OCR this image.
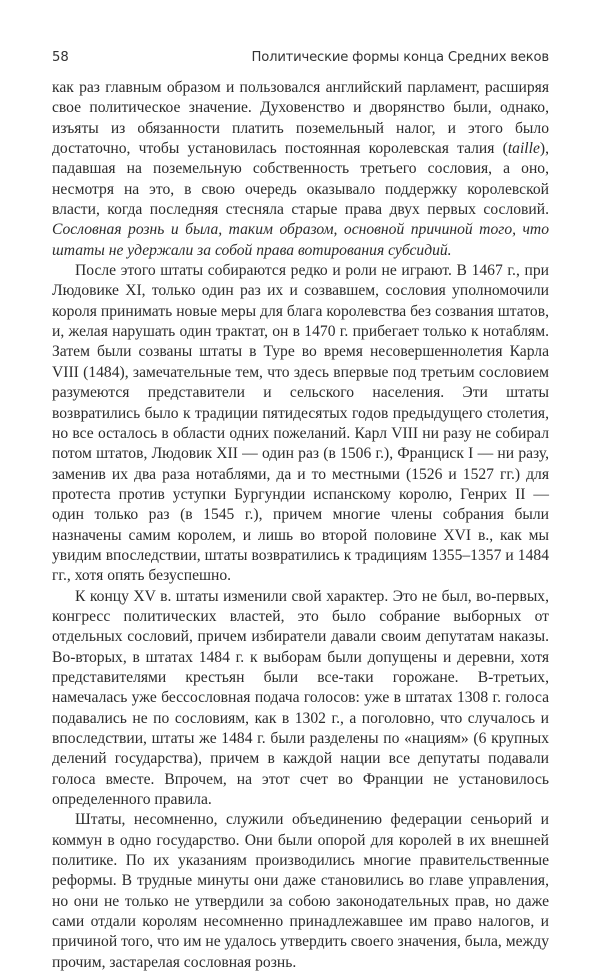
58	Политические формы конца Средних веков

как раз главным образом и пользовался английский парламент, расширяя свое политическое значение. Духовенство и дворянство были, однако, изъяты из обязанности платить поземельный налог, и этого было достаточно, чтобы установилась постоянная королевская талия (taille), падавшая на поземельную собственность третьего сословия, а оно, несмотря на это, в свою очередь оказывало поддержку королевской власти, когда последняя стесняла старые права двух первых сословий. Сословная рознь и была, таким образом, основной причиной того, что штаты не удержали за собой права вотирования субсидий.

После этого штаты собираются редко и роли не играют. В 1467 г., при Людовике XI, только один раз их и созвавшем, сословия уполномочили короля принимать новые меры для блага королевства без созвания штатов, и, желая нарушать один трактат, он в 1470 г. прибегает только к нотаблям. Затем были созваны штаты в Туре во время несовершеннолетия Карла VIII (1484), замечательные тем, что здесь впервые под третьим сословием разумеются представители и сельского населения. Эти штаты возвратились было к традиции пятидесятых годов предыдущего столетия, но все осталось в области одних пожеланий. Карл VIII ни разу не собирал потом штатов, Людовик XII — один раз (в 1506 г.), Франциск I — ни разу, заменив их два раза нотаблями, да и то местными (1526 и 1527 гг.) для протеста против уступки Бургундии испанскому королю, Генрих II — один только раз (в 1545 г.), причем многие члены собрания были назначены самим королем, и лишь во второй половине XVI в., как мы увидим впоследствии, штаты возвратились к традициям 1355–1357 и 1484 гг., хотя опять безуспешно.

К концу XV в. штаты изменили свой характер. Это не был, во-первых, конгресс политических властей, это было собрание выборных от отдельных сословий, причем избиратели давали своим депутатам наказы. Во-вторых, в штатах 1484 г. к выборам были допущены и деревни, хотя представителями крестьян были все-таки горожане. В-третьих, намечалась уже бессословная подача голосов: уже в штатах 1308 г. голоса подавались не по сословиям, как в 1302 г., а поголовно, что случалось и впоследствии, штаты же 1484 г. были разделены по «нациям» (6 крупных делений государства), причем в каждой нации все депутаты подавали голоса вместе. Впрочем, на этот счет во Франции не установилось определенного правила.

Штаты, несомненно, служили объединению федерации сеньорий и коммун в одно государство. Они были опорой для королей в их внешней политике. По их указаниям производились многие правительственные реформы. В трудные минуты они даже становились во главе управления, но они не только не утвердили за собою законодательных прав, но даже сами отдали королям несомненно принадлежавшее им право налогов, и причиной того, что им не удалось утвердить своего значения, была, между прочим, застарелая сословная рознь.
